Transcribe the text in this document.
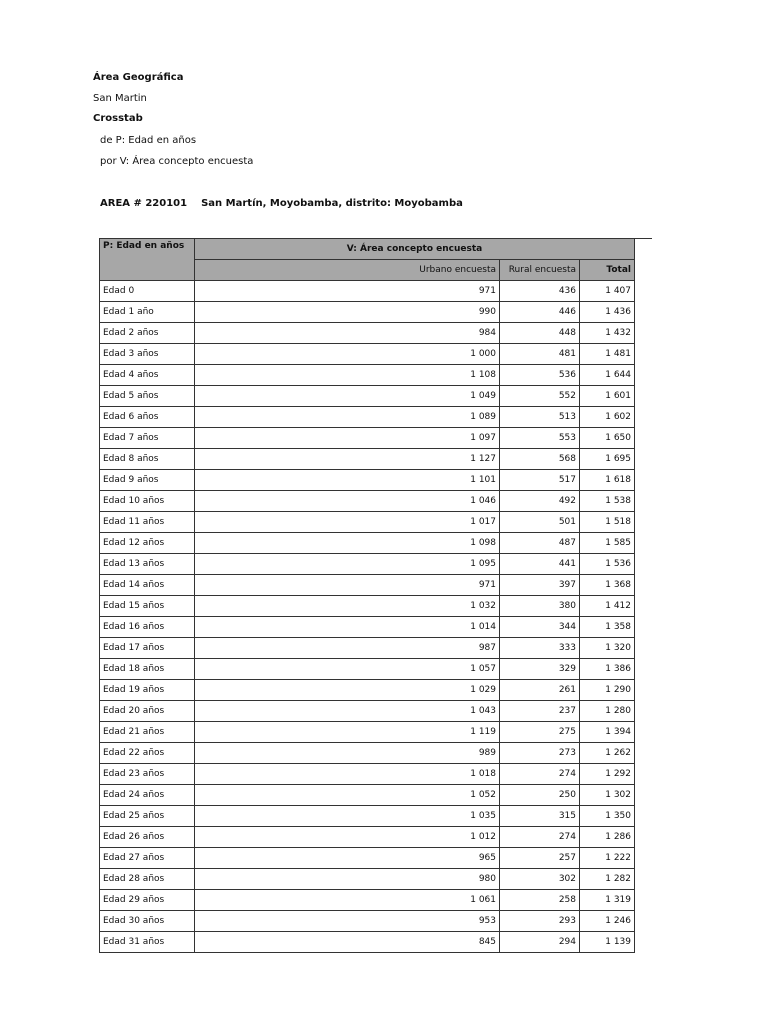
Área Geográfica
San Martin
Crosstab
de P: Edad en años
por V: Área concepto encuesta
AREA # 220101 San Martín, Moyobamba, distrito: Moyobamba
P: Edad en años	V: Área concepto encuesta		
	Urbano encuesta	Rural encuesta	Total
Edad 0	971	436	1 407
Edad 1 año	990	446	1 436
Edad 2 años	984	448	1 432
Edad 3 años	1 000	481	1 481
Edad 4 años	1 108	536	1 644
Edad 5 años	1 049	552	1 601
Edad 6 años	1 089	513	1 602
Edad 7 años	1 097	553	1 650
Edad 8 años	1 127	568	1 695
Edad 9 años	1 101	517	1 618
Edad 10 años	1 046	492	1 538
Edad 11 años	1 017	501	1 518
Edad 12 años	1 098	487	1 585
Edad 13 años	1 095	441	1 536
Edad 14 años	971	397	1 368
Edad 15 años	1 032	380	1 412
Edad 16 años	1 014	344	1 358
Edad 17 años	987	333	1 320
Edad 18 años	1 057	329	1 386
Edad 19 años	1 029	261	1 290
Edad 20 años	1 043	237	1 280
Edad 21 años	1 119	275	1 394
Edad 22 años	989	273	1 262
Edad 23 años	1 018	274	1 292
Edad 24 años	1 052	250	1 302
Edad 25 años	1 035	315	1 350
Edad 26 años	1 012	274	1 286
Edad 27 años	965	257	1 222
Edad 28 años	980	302	1 282
Edad 29 años	1 061	258	1 319
Edad 30 años	953	293	1 246
Edad 31 años	845	294	1 139
